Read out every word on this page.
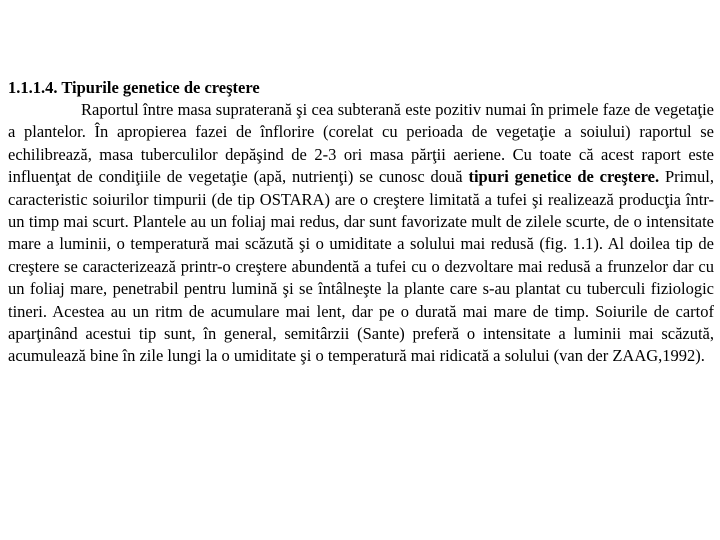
1.1.1.4. Tipurile genetice de creştere

Raportul între masa supraterană şi cea subterană este pozitiv numai în primele faze de vegetaţie a plantelor. În apropierea fazei de înflorire (corelat cu perioada de vegetaţie a soiului) raportul se echilibrează, masa tuberculilor depăşind de 2-3 ori masa părţii aeriene. Cu toate că acest raport este influenţat de condiţiile de vegetaţie (apă, nutrienţi) se cunosc două tipuri genetice de creştere. Primul, caracteristic soiurilor timpurii (de tip OSTARA) are o creştere limitată a tufei şi realizează producţia într-un timp mai scurt. Plantele au un foliaj mai redus, dar sunt favorizate mult de zilele scurte, de o intensitate mare a luminii, o temperatură mai scăzută şi o umiditate a solului mai redusă (fig. 1.1). Al doilea tip de creştere se caracterizează printr-o creştere abundentă a tufei cu o dezvoltare mai redusă a frunzelor dar cu un foliaj mare, penetrabil pentru lumină şi se întâlneşte la plante care s-au plantat cu tuberculi fiziologic tineri. Acestea au un ritm de acumulare mai lent, dar pe o durată mai mare de timp. Soiurile de cartof aparţinând acestui tip sunt, în general, semitârzii (Sante) preferă o intensitate a luminii mai scăzută, acumulează bine în zile lungi la o umiditate şi o temperatură mai ridicată a solului (van der ZAAG,1992).
